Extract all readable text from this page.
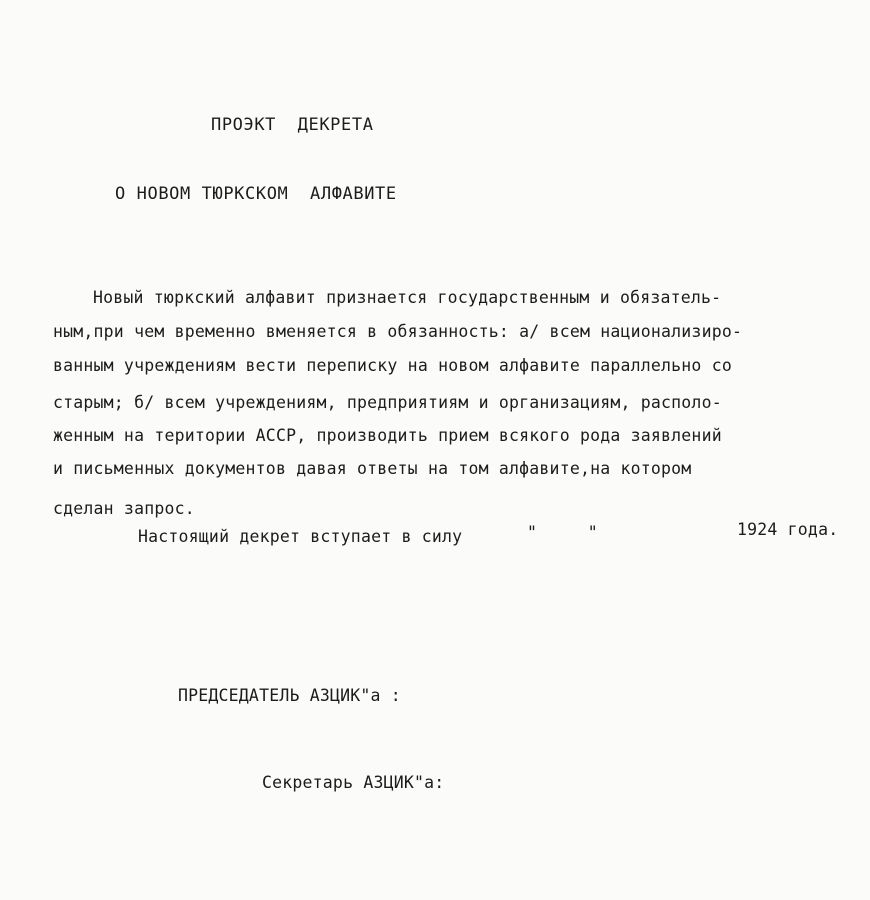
ПРОЭКТ  ДЕКРЕТА
О НОВОМ ТЮРКСКОМ  АЛФАВИТЕ
Новый тюркский алфавит признается государственным и обязатель-
ным,при чем временно вменяется в обязанность: а/ всем национализиро-
ванным учреждениям вести переписку на новом алфавите параллельно со
старым; б/ всем учреждениям, предприятиям и организациям, располо-
женным на територии АССР, производить прием всякого рода заявлений
и письменных документов давая ответы на том алфавите,на котором
сделан запрос.
Настоящий декрет вступает в силу	"     "	1924 года.
ПРЕДСЕДАТЕЛЬ АЗЦИК"а :
Секретарь АЗЦИК"а:
